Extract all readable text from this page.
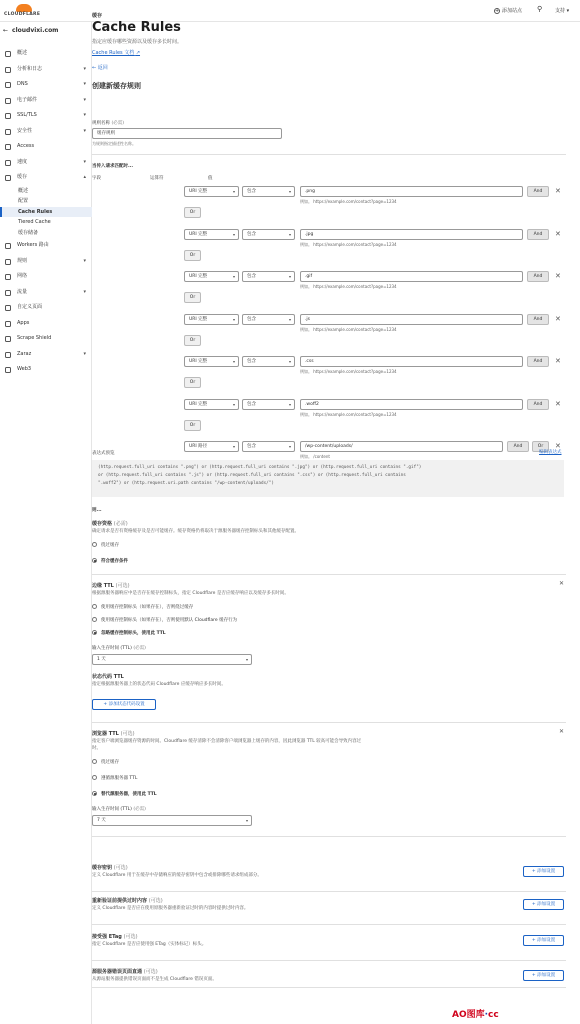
CLOUDFLARE
+ 添加站点 ⚲	支持 ▾
← cloudvixi.com
概述
分析和日志	▾
DNS	▾
电子邮件	▾
SSL/TLS	▾
安全性	▾
Access
速度	▾
缓存	▴
概述
配置
Cache Rules
Tiered Cache
缓存储备
Workers 路由
规则	▾
网络
流量	▾
自定义页面
Apps
Scrape Shield
Zaraz	▾
Web3
缓存
Cache Rules
指定应缓存哪些资源以及缓存多长时间。
Cache Rules 文档 ↗
← 返回
创建新缓存规则
规则名称 (必需)
缓存规则
为规则指定描述性名称。
当传入请求匹配时...
字段	运算符	值
URI 完整	▾	包含	▾	.png
例如。 https://example.com/contact?page=1234
And	✕
Or
URI 完整	▾	包含	▾	.jpg
例如。 https://example.com/contact?page=1234
And	✕
Or
URI 完整	▾	包含	▾	.gif
例如。 https://example.com/contact?page=1234
And	✕
Or
URI 完整	▾	包含	▾	.js
例如。 https://example.com/contact?page=1234
And	✕
Or
URI 完整	▾	包含	▾	.css
例如。 https://example.com/contact?page=1234
And	✕
Or
URI 完整	▾	包含	▾	.woff2
例如。 https://example.com/contact?page=1234
And	✕
Or
URI 路径	▾	包含	▾	/wp-content/uploads/
例如。 /content
And	Or	✕
表达式预览	编辑表达式
(http.request.full_uri contains ".png") or (http.request.full_uri contains ".jpg") or (http.request.full_uri contains ".gif")
or (http.request.full_uri contains ".js") or (http.request.full_uri contains ".css") or (http.request.full_uri contains
".woff2") or (http.request.uri.path contains "/wp-content/uploads/")
则...
缓存资格 (必需)
确定请求是否有资格缓存及是否可能缓存。缓存资格仍将取决于源服务器缓存控制标头和其他缓存配置。
绕过缓存
符合缓存条件
边缘 TTL (可选)	✕
根据源服务器响应中是否存在缓存控制标头，指定 Cloudflare 是否应缓存响应以及缓存多长时间。
使用缓存控制标头（如果存在），否则绕过缓存
使用缓存控制标头（如果存在），否则使用默认 Cloudflare 缓存行为
忽略缓存控制标头，使用此 TTL
输入生存时间 (TTL) (必需)
1 天	▾
状态代码 TTL
指定根据源服务器上的状态代码 Cloudflare 应缓存响应多长时间。
+ 添加状态代码设置
浏览器 TTL (可选)	✕
指定客户端浏览器缓存资源的时间。Cloudflare 缓存清除不会清除客户端浏览器上缓存的内容，因此浏览器 TTL 较高可能会导致内容过
时。
绕过缓存
遵循源服务器 TTL
替代源服务器，使用此 TTL
输入生存时间 (TTL) (必需)
7 天	▾
缓存密钥 (可选)
定义 Cloudflare 用于在缓存中存储响应的缓存密钥中包含或排除哪些请求组成部分。
+ 添加设置
重新验证前提供过时内容 (可选)
定义 Cloudflare 是否应在使用原服务器重新验证过时的内容时提供过时内容。
+ 添加设置
接受强 ETag (可选)
指定 Cloudflare 是否应使用强 ETag（实体标记）标头。
+ 添加设置
源服务器错误页面直通 (可选)
从源站服务器提供错误页面而不是生成 Cloudflare 错误页面。
+ 添加设置
AO图库·cc
